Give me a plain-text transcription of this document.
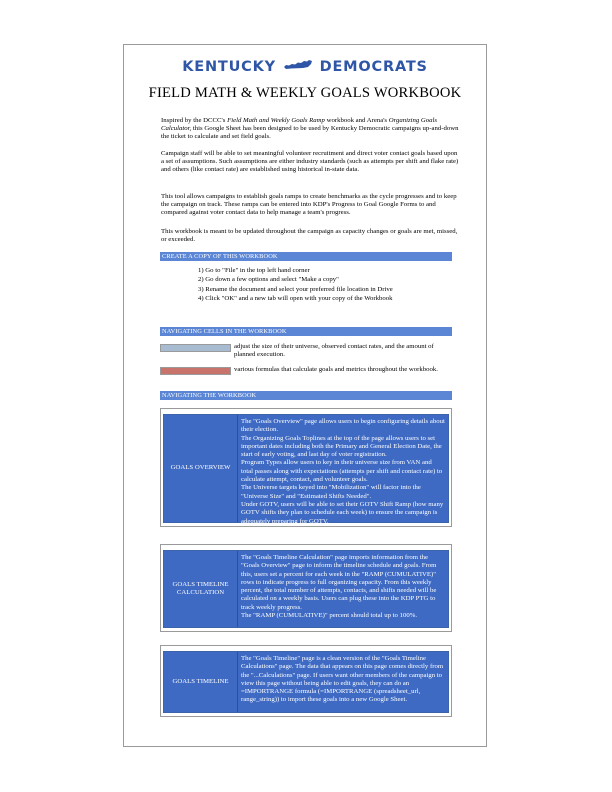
KENTUCKY	DEMOCRATS
FIELD MATH & WEEKLY GOALS WORKBOOK
Inspired by the DCCC's Field Math and Weekly Goals Ramp workbook and Arena's Organizing Goals Calculator, this Google Sheet has been designed to be used by Kentucky Democratic campaigns up-and-down the ticket to calculate and set field goals.
Campaign staff will be able to set meaningful volunteer recruitment and direct voter contact goals based upon a set of assumptions. Such assumptions are either industry standards (such as attempts per shift and flake rate) and others (like contact rate) are established using historical in-state data.
This tool allows campaigns to establish goals ramps to create benchmarks as the cycle progresses and to keep the campaign on track. These ramps can be entered into KDP's Progress to Goal Google Forms to and compared against voter contact data to help manage a team's progress.
This workbook is meant to be updated throughout the campaign as capacity changes or goals are met, missed, or exceeded.
CREATE A COPY OF THIS WORKBOOK
1) Go to "File" in the top left hand corner
2) Go down a few options and select "Make a copy"
3) Rename the document and select your preferred file location in Drive
4) Click "OK" and a new tab will open with your copy of the Workbook
NAVIGATING CELLS IN THE WORKBOOK
adjust the size of their universe, observed contact rates, and the amount of planned execution.
various formulas that calculate goals and metrics throughout the workbook.
NAVIGATING THE WORKBOOK
GOALS OVERVIEW
The "Goals Overview" page allows users to begin configuring details about their election.
The Organizing Goals Toplines at the top of the page allows users to set important dates including both the Primary and General Election Date, the start of early voting, and last day of voter registration.
Program Types allow users to key in their universe size from VAN and total passes along with expectations (attempts per shift and contact rate) to calculate attempt, contact, and volunteer goals.
The Universe targets keyed into "Mobilization" will factor into the "Universe Size" and "Estimated Shifts Needed".
Under GOTV, users will be able to set their GOTV Shift Ramp (how many GOTV shifts they plan to schedule each week) to ensure the campaign is adequately preparing for GOTV.
GOALS TIMELINE CALCULATION
The "Goals Timeline Calculation" page imports information from the "Goals Overview" page to inform the timeline schedule and goals. From this, users set a percent for each week in the "RAMP (CUMULATIVE)" rows to indicate progress to full organizing capacity. From this weekly percent, the total number of attempts, contacts, and shifts needed will be calculated on a weekly basis. Users can plug these into the KDP PTG to track weekly progress.
The "RAMP (CUMULATIVE)" percent should total up to 100%.
GOALS TIMELINE
The "Goals Timeline" page is a clean version of the "Goals Timeline Calculations" page. The data that appears on this page comes directly from the "...Calculations" page. If users want other members of the campaign to view this page without being able to edit goals, they can do an =IMPORTRANGE formula (=IMPORTRANGE (spreadsheet_url, range_string)) to import these goals into a new Google Sheet.
